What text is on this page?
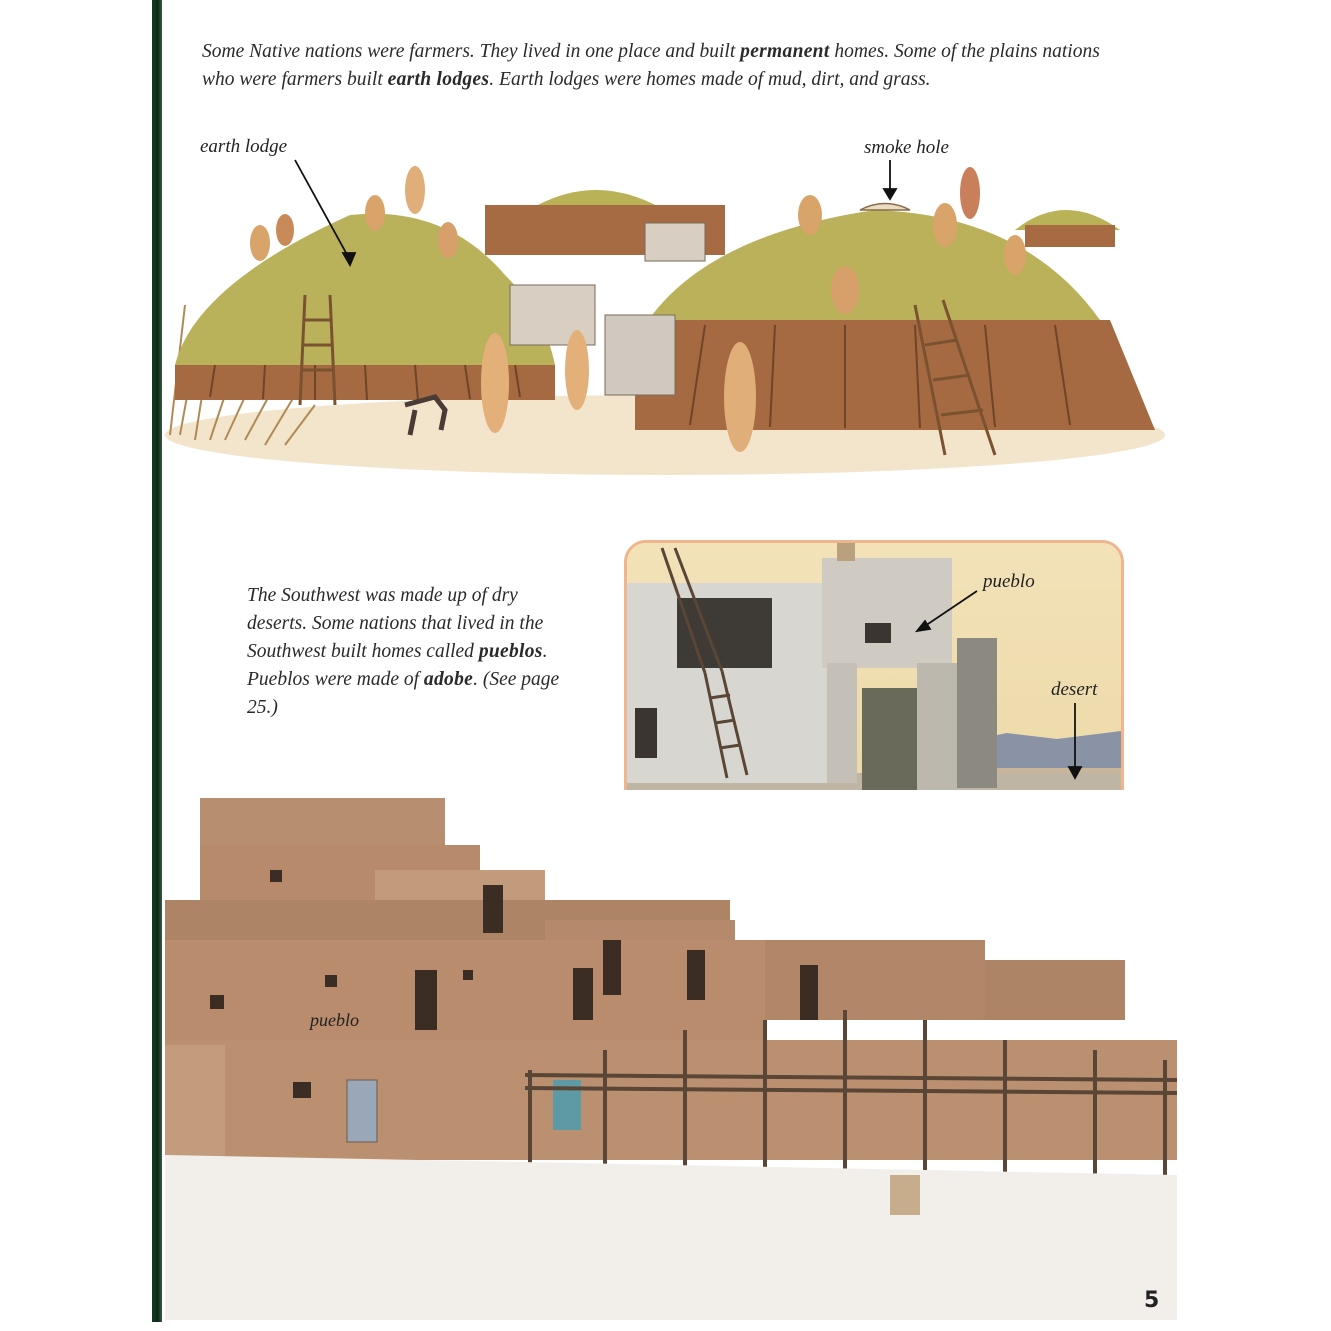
Some Native nations were farmers. They lived in one place and built permanent homes. Some of the plains nations who were farmers built earth lodges. Earth lodges were homes made of mud, dirt, and grass.
earth lodge	smoke hole
The Southwest was made up of dry deserts. Some nations that lived in the Southwest built homes called pueblos. Pueblos were made of adobe. (See page 25.)
pueblo
desert
pueblo
5
